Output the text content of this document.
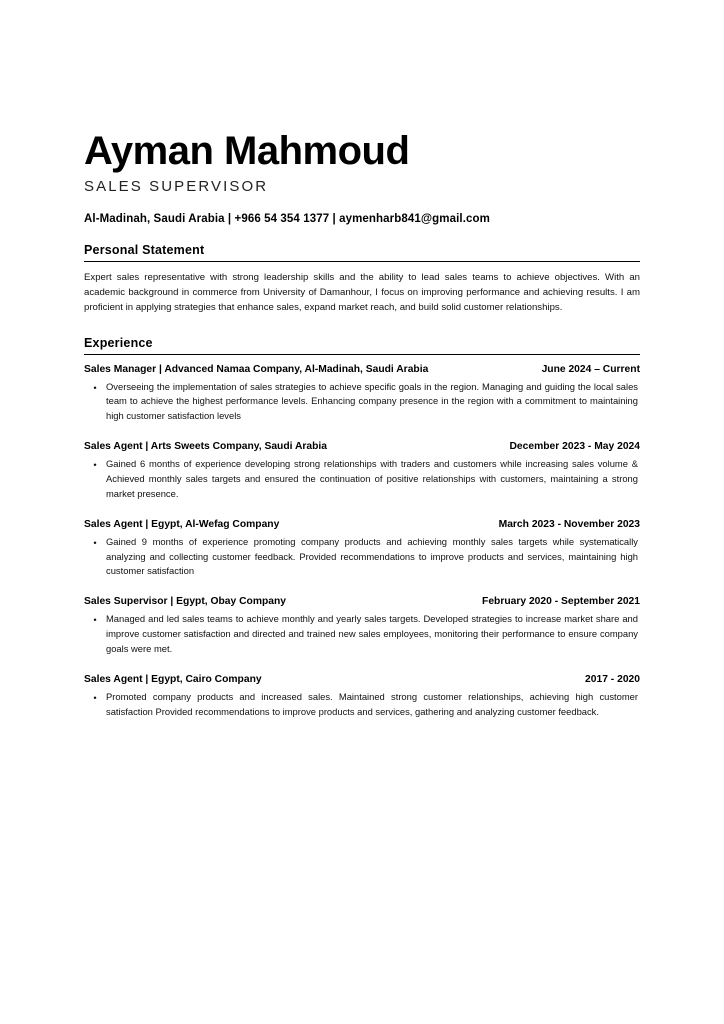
Ayman Mahmoud
SALES SUPERVISOR
Al-Madinah, Saudi Arabia | +966 54 354 1377 | aymenharb841@gmail.com
Personal Statement

Expert sales representative with strong leadership skills and the ability to lead sales teams to achieve objectives. With an academic background in commerce from University of Damanhour, I focus on improving performance and achieving results. I am proficient in applying strategies that enhance sales, expand market reach, and build solid customer relationships.

Experience
Sales Manager | Advanced Namaa Company, Al-Madinah, Saudi Arabia	June 2024 – Current
• Overseeing the implementation of sales strategies to achieve specific goals in the region. Managing and guiding the local sales team to achieve the highest performance levels. Enhancing company presence in the region with a commitment to maintaining high customer satisfaction levels
Sales Agent | Arts Sweets Company, Saudi Arabia	December 2023 - May 2024
• Gained 6 months of experience developing strong relationships with traders and customers while increasing sales volume & Achieved monthly sales targets and ensured the continuation of positive relationships with customers, maintaining a strong market presence.
Sales Agent | Egypt, Al-Wefag Company	March 2023 - November 2023
• Gained 9 months of experience promoting company products and achieving monthly sales targets while systematically analyzing and collecting customer feedback. Provided recommendations to improve products and services, maintaining high customer satisfaction
Sales Supervisor | Egypt, Obay Company	February 2020 - September 2021
• Managed and led sales teams to achieve monthly and yearly sales targets. Developed strategies to increase market share and improve customer satisfaction and directed and trained new sales employees, monitoring their performance to ensure company goals were met.
Sales Agent | Egypt, Cairo Company	2017 - 2020
• Promoted company products and increased sales. Maintained strong customer relationships, achieving high customer satisfaction Provided recommendations to improve products and services, gathering and analyzing customer feedback.
